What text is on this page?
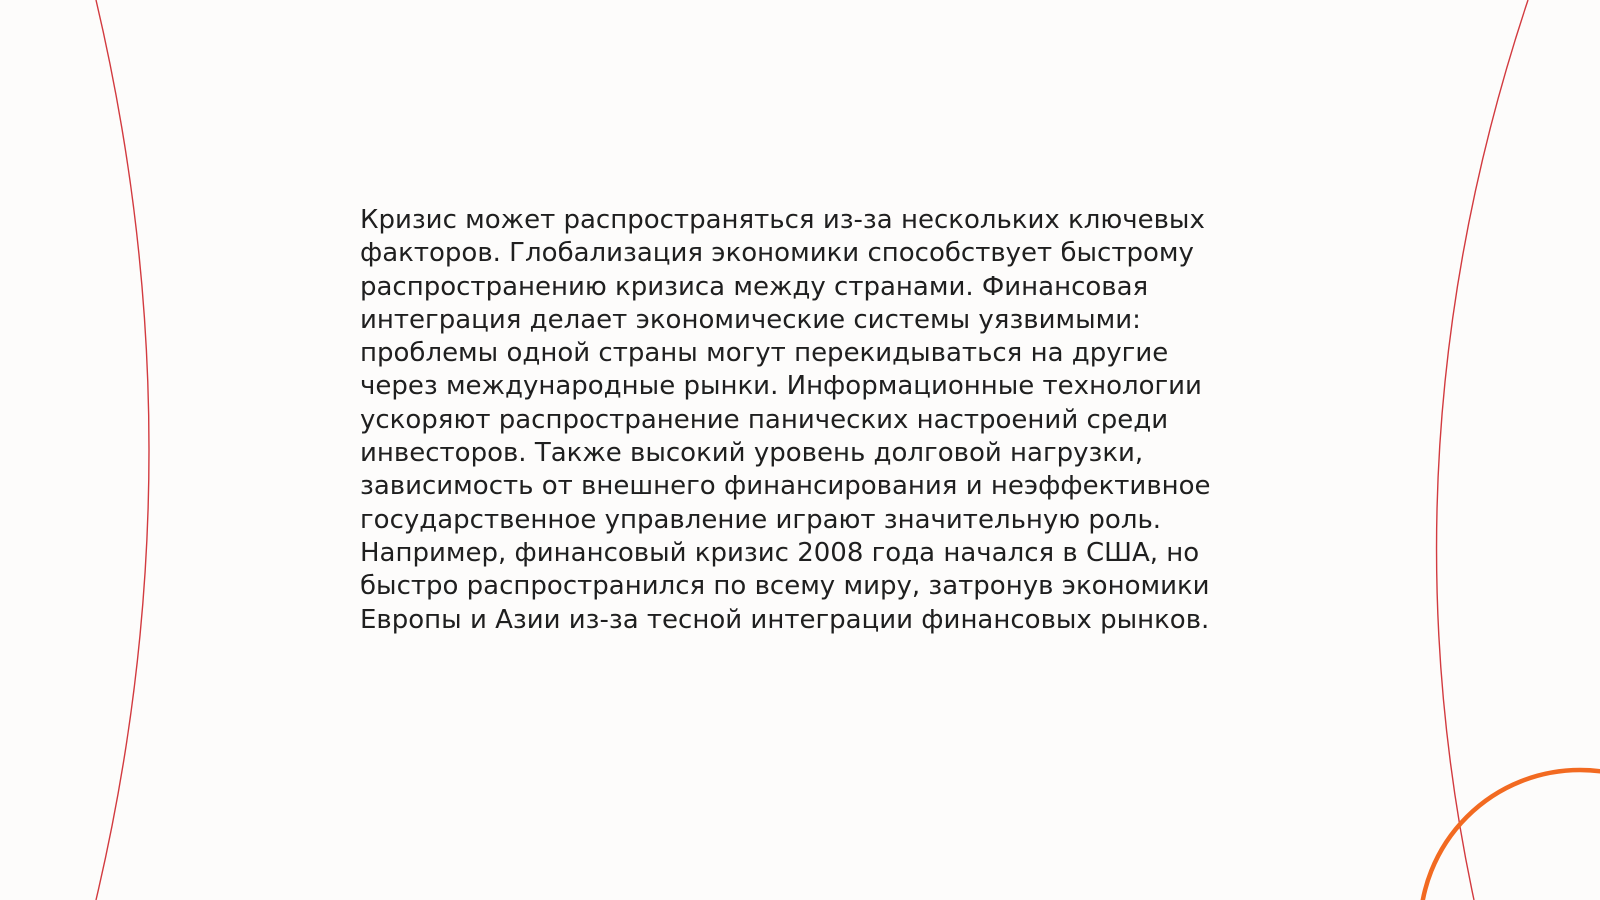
Кризис может распространяться из-за нескольких ключевых
факторов. Глобализация экономики способствует быстрому
распространению кризиса между странами. Финансовая
интеграция делает экономические системы уязвимыми:
проблемы одной страны могут перекидываться на другие
через международные рынки. Информационные технологии
ускоряют распространение панических настроений среди
инвесторов. Также высокий уровень долговой нагрузки,
зависимость от внешнего финансирования и неэффективное
государственное управление играют значительную роль.
Например, финансовый кризис 2008 года начался в США, но
быстро распространился по всему миру, затронув экономики
Европы и Азии из-за тесной интеграции финансовых рынков.
